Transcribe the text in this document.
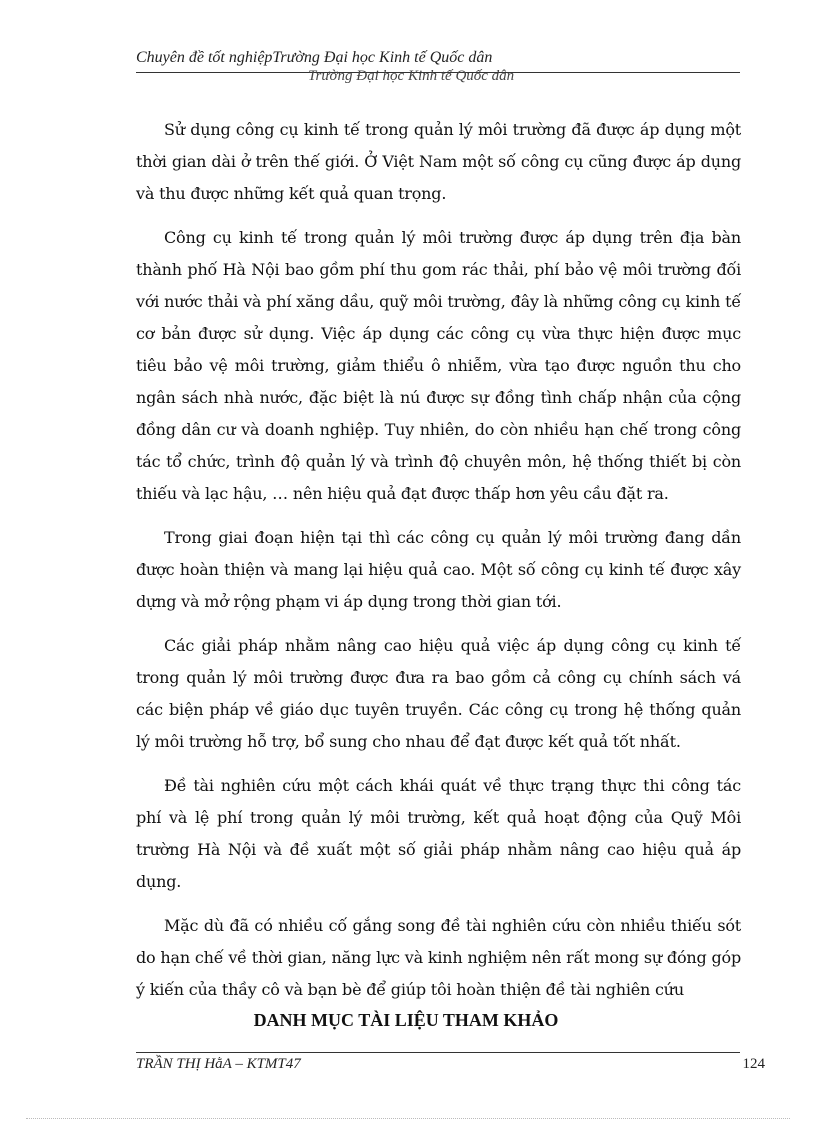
Chuyên đề tốt nghiệpTrường Đại học Kinh tế Quốc dân
Trường Đại học Kinh tế Quốc dân

Sử dụng công cụ kinh tế trong quản lý môi trường đã được áp dụng một thời gian dài ở trên thế giới. Ở Việt Nam một số công cụ cũng được áp dụng và thu được những kết quả quan trọng.

Công cụ kinh tế trong quản lý môi trường được áp dụng trên địa bàn thành phố Hà Nội bao gồm phí thu gom rác thải, phí bảo vệ môi trường đối với nước thải và phí xăng dầu, quỹ môi trường, đây là những công cụ kinh tế cơ bản được sử dụng. Việc áp dụng các công cụ vừa thực hiện được mục tiêu bảo vệ môi trường, giảm thiểu ô nhiễm, vừa tạo được nguồn thu cho ngân sách nhà nước, đặc biệt là nú được sự đồng tình chấp nhận của cộng đồng dân cư và doanh nghiệp. Tuy nhiên, do còn nhiều hạn chế trong công tác tổ chức, trình độ quản lý và trình độ chuyên môn, hệ thống thiết bị còn thiếu và lạc hậu, … nên hiệu quả đạt được thấp hơn yêu cầu đặt ra.

Trong giai đoạn hiện tại thì các công cụ quản lý môi trường đang dần được hoàn thiện và mang lại hiệu quả cao. Một số công cụ kinh tế được xây dựng và mở rộng phạm vi áp dụng trong thời gian tới.

Các giải pháp nhằm nâng cao hiệu quả việc áp dụng công cụ kinh tế trong quản lý môi trường được đưa ra bao gồm cả công cụ chính sách vá các biện pháp về giáo dục tuyên truyền. Các công cụ trong hệ thống quản lý môi trường hỗ trợ, bổ sung cho nhau để đạt được kết quả tốt nhất.

Đề tài nghiên cứu một cách khái quát về thực trạng thực thi công tác phí và lệ phí trong quản lý môi trường, kết quả hoạt động của Quỹ Môi trường Hà Nội và đề xuất một số giải pháp nhằm nâng cao hiệu quả áp dụng.

Mặc dù đã có nhiều cố gắng song đề tài nghiên cứu còn nhiều thiếu sót do hạn chế về thời gian, năng lực và kinh nghiệm nên rất mong sự đóng góp ý kiến của thầy cô và bạn bè để giúp tôi hoàn thiện đề tài nghiên cứu

DANH MỤC TÀI LIỆU THAM KHẢO
TRẦN THỊ HằA – KTMT47	124
